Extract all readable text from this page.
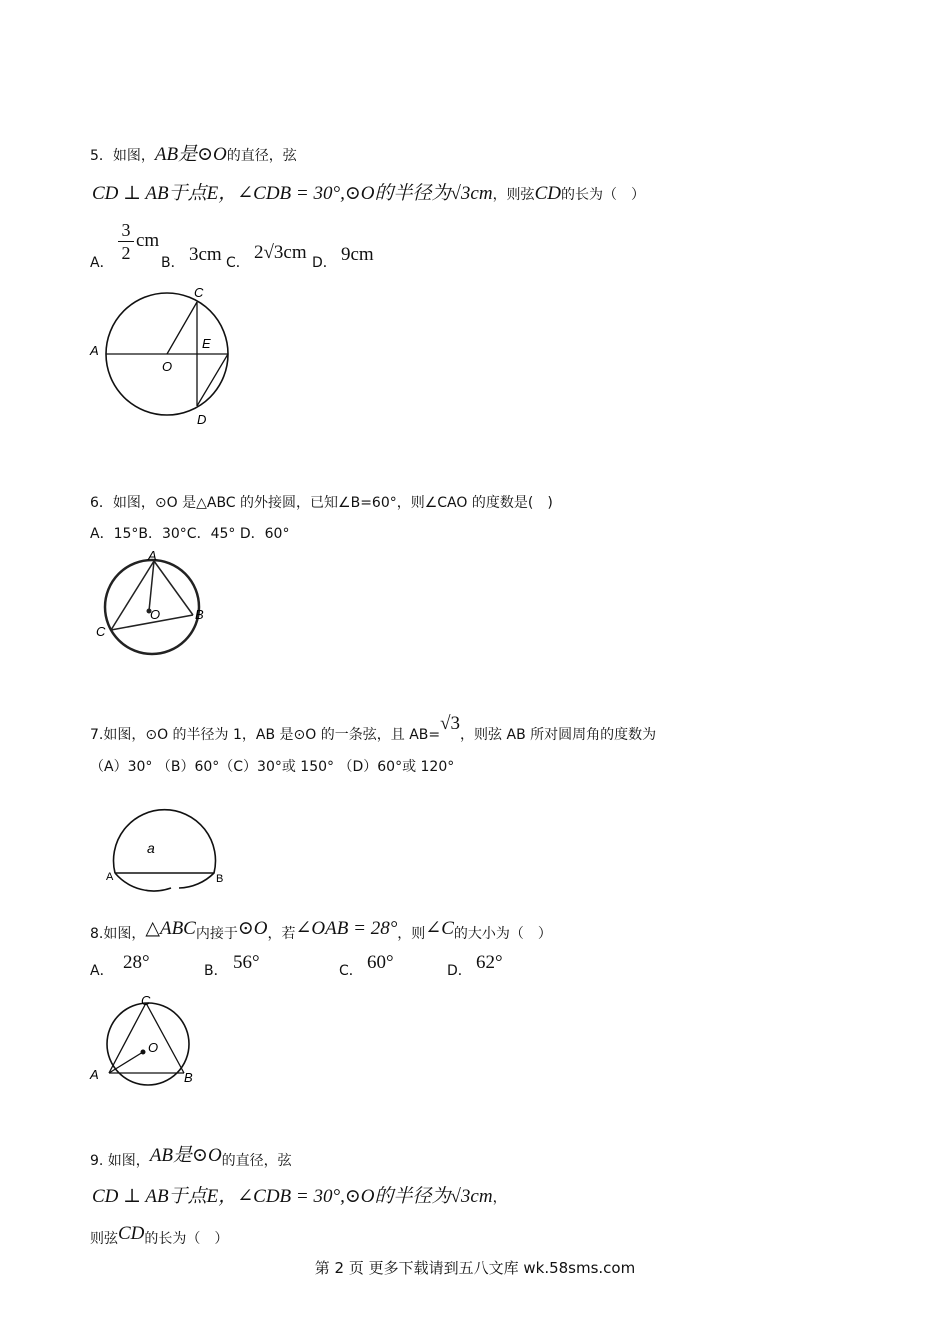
5．如图，AB是⊙O的直径，弦
CD ⊥ AB于点E，∠CDB = 30°,⊙O的半径为√3cm，则弦CD的长为（　）
A．
3
2
cm
B． 3cm C． 2√3cm D． 9cm
A
C
E
O
D
6．如图，⊙O 是△ABC 的外接圆，已知∠B=60°，则∠CAO 的度数是(　)
A．15°B．30°C．45° D．60°
A
B
C
O
7.如图，⊙O 的半径为 1，AB 是⊙O 的一条弦，且 AB=√3，则弦 AB 所对圆周角的度数为
（A）30° （B）60°（C）30°或 150° （D）60°或 120°
a
A	B
8.如图，△ABC内接于⊙O，若∠OAB = 28°，则∠C的大小为（　）
A． 28°	B． 56°	C． 60°	D． 62°
C
O
A	B
9. 如图，AB是⊙O的直径，弦
CD ⊥ AB于点E，∠CDB = 30°,⊙O的半径为√3cm，
则弦CD的长为（　）
第 2 页 更多下载请到五八文库 wk.58sms.com
